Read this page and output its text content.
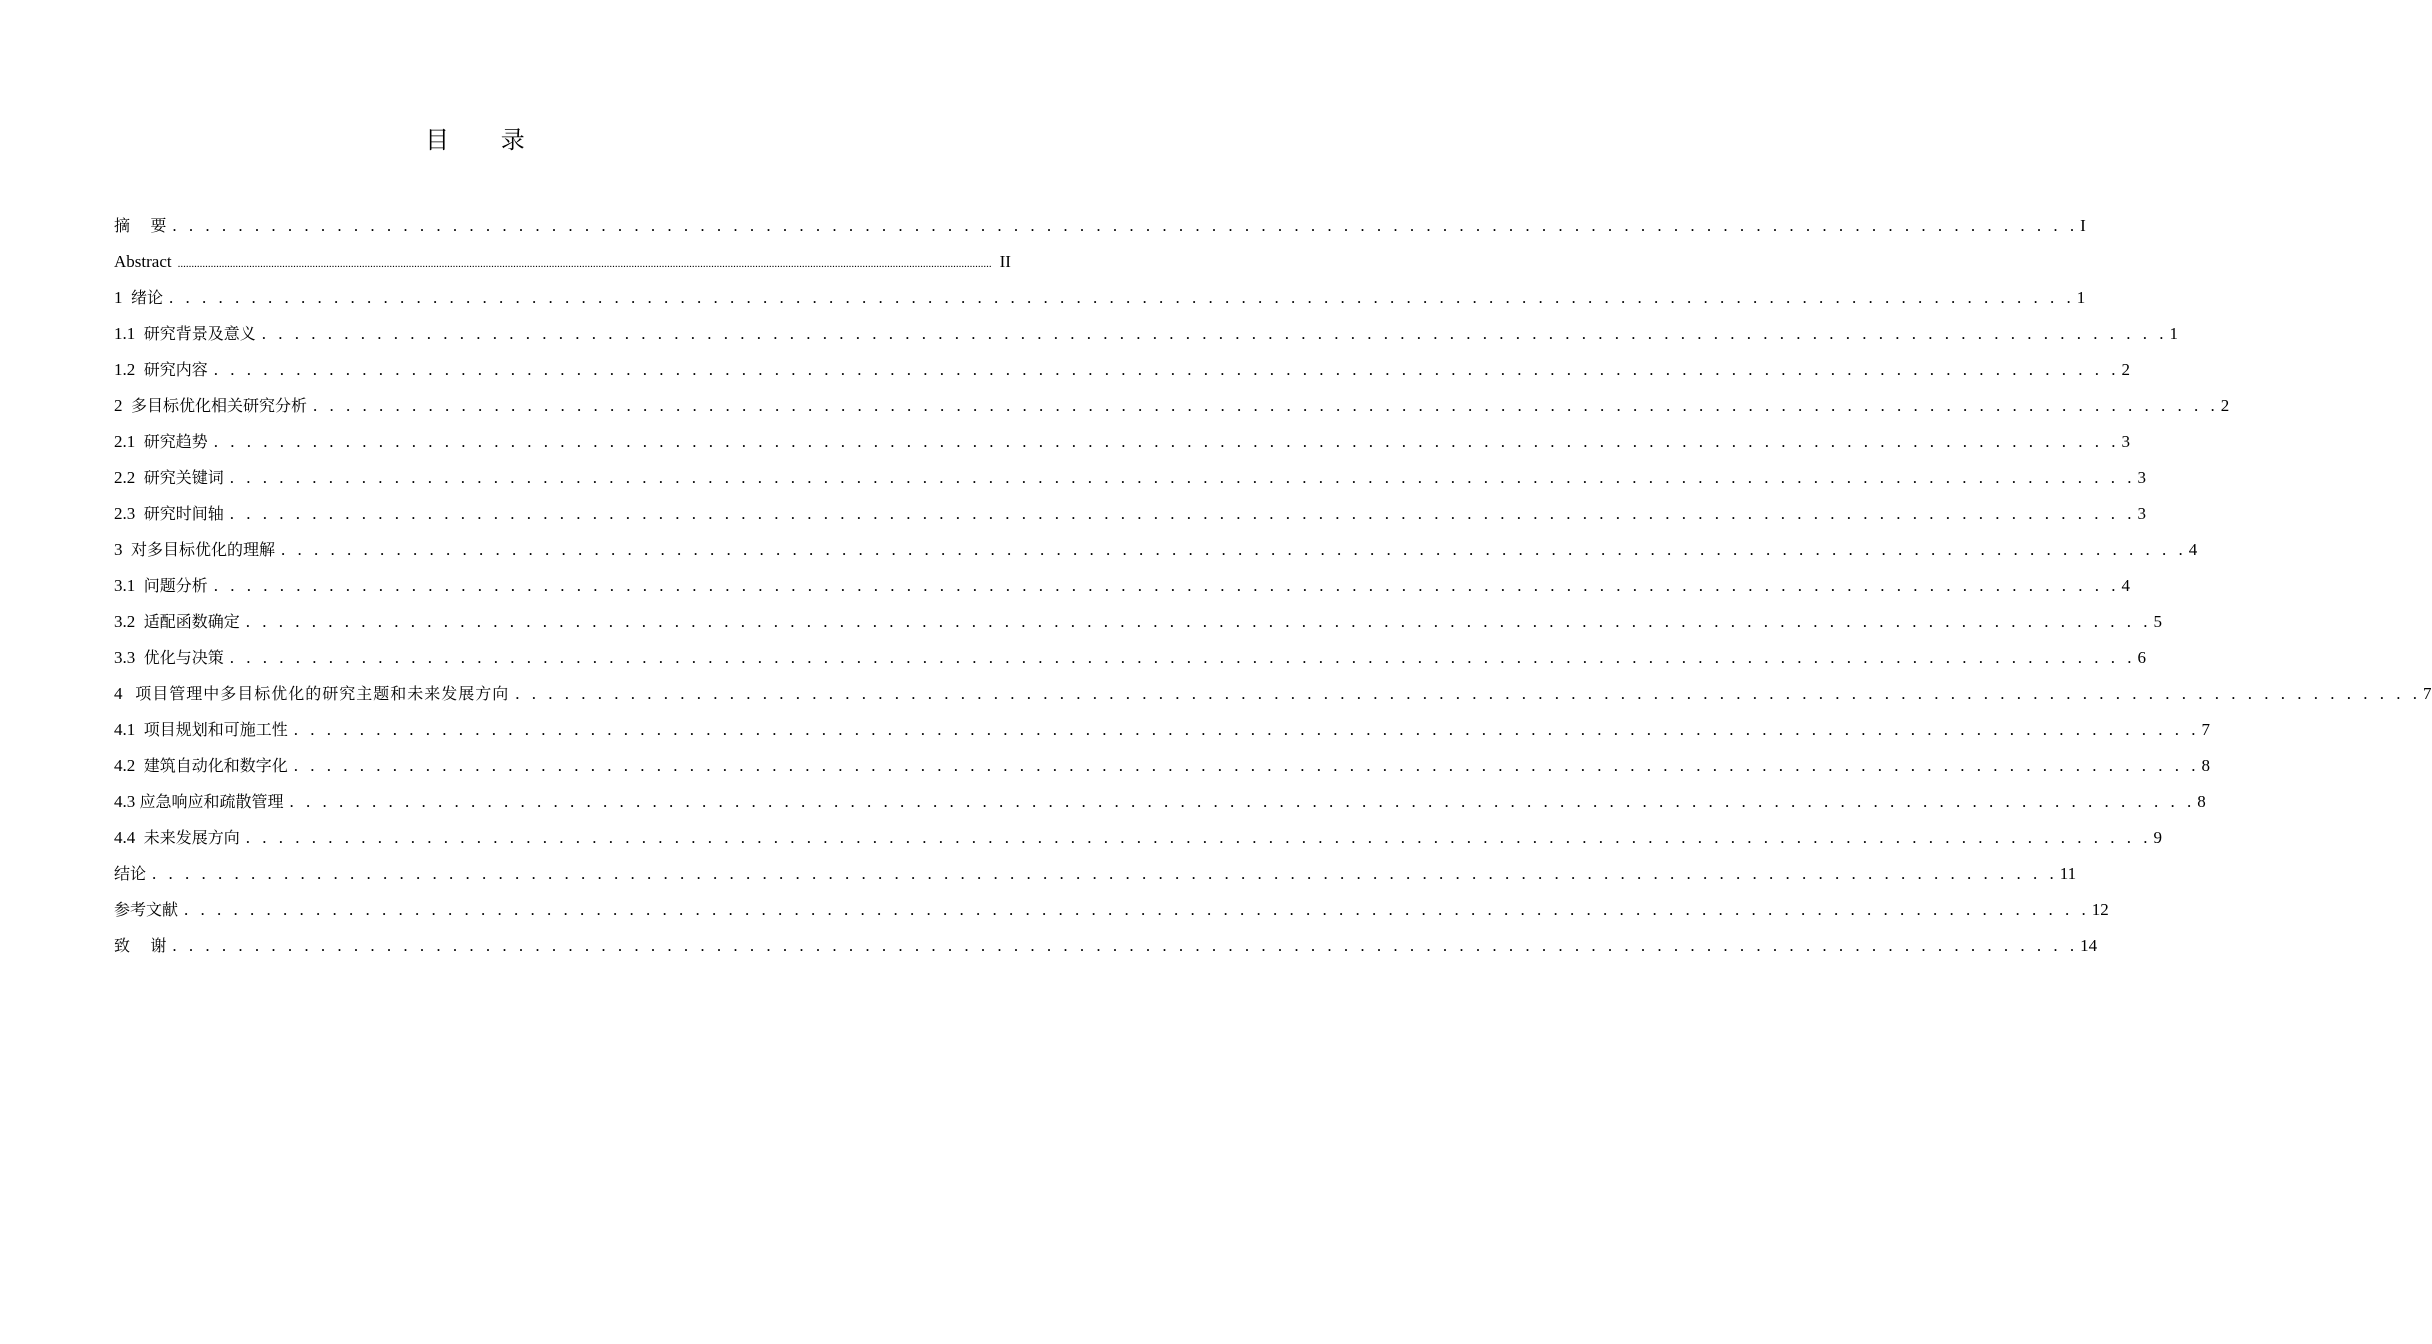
目 录
摘    要 . . . . . . . . . . . . . . . . . . . . . . . . . . . . . . . . . . . . . . . . . . . . . . . . . . . . . . . . . . . . . . . . . . . . . . . . . . . . . . . . . . . . . . . . . . . . . . . . . . . . . . . . . . . . . . . . . . . . I
Abstract ........................................................................................................................................................................................................................................................................................................ II
1 绪论 . . . . . . . . . . . . . . . . . . . . . . . . . . . . . . . . . . . . . . . . . . . . . . . . . . . . . . . . . . . . . . . . . . . . . . . . . . . . . . . . . . . . . . . . . . . . . . . . . . . . . . . . . . . . . . . . . . . . 1
1.1 研究背景及意义 . . . . . . . . . . . . . . . . . . . . . . . . . . . . . . . . . . . . . . . . . . . . . . . . . . . . . . . . . . . . . . . . . . . . . . . . . . . . . . . . . . . . . . . . . . . . . . . . . . . . . . . . . . . . . . . . . . . . 1
1.2 研究内容 . . . . . . . . . . . . . . . . . . . . . . . . . . . . . . . . . . . . . . . . . . . . . . . . . . . . . . . . . . . . . . . . . . . . . . . . . . . . . . . . . . . . . . . . . . . . . . . . . . . . . . . . . . . . . . . . . . . . 2
2 多目标优化相关研究分析 . . . . . . . . . . . . . . . . . . . . . . . . . . . . . . . . . . . . . . . . . . . . . . . . . . . . . . . . . . . . . . . . . . . . . . . . . . . . . . . . . . . . . . . . . . . . . . . . . . . . . . . . . . . . . . . . . . . . 2
2.1 研究趋势 . . . . . . . . . . . . . . . . . . . . . . . . . . . . . . . . . . . . . . . . . . . . . . . . . . . . . . . . . . . . . . . . . . . . . . . . . . . . . . . . . . . . . . . . . . . . . . . . . . . . . . . . . . . . . . . . . . . . 3
2.2 研究关键词 . . . . . . . . . . . . . . . . . . . . . . . . . . . . . . . . . . . . . . . . . . . . . . . . . . . . . . . . . . . . . . . . . . . . . . . . . . . . . . . . . . . . . . . . . . . . . . . . . . . . . . . . . . . . . . . . . . . . 3
2.3 研究时间轴 . . . . . . . . . . . . . . . . . . . . . . . . . . . . . . . . . . . . . . . . . . . . . . . . . . . . . . . . . . . . . . . . . . . . . . . . . . . . . . . . . . . . . . . . . . . . . . . . . . . . . . . . . . . . . . . . . . . . 3
3 对多目标优化的理解 . . . . . . . . . . . . . . . . . . . . . . . . . . . . . . . . . . . . . . . . . . . . . . . . . . . . . . . . . . . . . . . . . . . . . . . . . . . . . . . . . . . . . . . . . . . . . . . . . . . . . . . . . . . . . . . . . . . . 4
3.1 问题分析 . . . . . . . . . . . . . . . . . . . . . . . . . . . . . . . . . . . . . . . . . . . . . . . . . . . . . . . . . . . . . . . . . . . . . . . . . . . . . . . . . . . . . . . . . . . . . . . . . . . . . . . . . . . . . . . . . . . . 4
3.2 适配函数确定 . . . . . . . . . . . . . . . . . . . . . . . . . . . . . . . . . . . . . . . . . . . . . . . . . . . . . . . . . . . . . . . . . . . . . . . . . . . . . . . . . . . . . . . . . . . . . . . . . . . . . . . . . . . . . . . . . . . . 5
3.3 优化与决策 . . . . . . . . . . . . . . . . . . . . . . . . . . . . . . . . . . . . . . . . . . . . . . . . . . . . . . . . . . . . . . . . . . . . . . . . . . . . . . . . . . . . . . . . . . . . . . . . . . . . . . . . . . . . . . . . . . . . 6
4 项目管理中多目标优化的研究主题和未来发展方向 . . . . . . . . . . . . . . . . . . . . . . . . . . . . . . . . . . . . . . . . . . . . . . . . . . . . . . . . . . . . . . . . . . . . . . . . . . . . . . . . . . . . . . . . . . . . . . . . . . . . . . . . . . . . . . . . . . . . 7
4.1 项目规划和可施工性 . . . . . . . . . . . . . . . . . . . . . . . . . . . . . . . . . . . . . . . . . . . . . . . . . . . . . . . . . . . . . . . . . . . . . . . . . . . . . . . . . . . . . . . . . . . . . . . . . . . . . . . . . . . . . . . . . . . . 7
4.2 建筑自动化和数字化 . . . . . . . . . . . . . . . . . . . . . . . . . . . . . . . . . . . . . . . . . . . . . . . . . . . . . . . . . . . . . . . . . . . . . . . . . . . . . . . . . . . . . . . . . . . . . . . . . . . . . . . . . . . . . . . . . . . . 8
4.3 应急响应和疏散管理 . . . . . . . . . . . . . . . . . . . . . . . . . . . . . . . . . . . . . . . . . . . . . . . . . . . . . . . . . . . . . . . . . . . . . . . . . . . . . . . . . . . . . . . . . . . . . . . . . . . . . . . . . . . . . . . . . . . . 8
4.4 未来发展方向 . . . . . . . . . . . . . . . . . . . . . . . . . . . . . . . . . . . . . . . . . . . . . . . . . . . . . . . . . . . . . . . . . . . . . . . . . . . . . . . . . . . . . . . . . . . . . . . . . . . . . . . . . . . . . . . . . . . . 9
结论 . . . . . . . . . . . . . . . . . . . . . . . . . . . . . . . . . . . . . . . . . . . . . . . . . . . . . . . . . . . . . . . . . . . . . . . . . . . . . . . . . . . . . . . . . . . . . . . . . . . . . . . . . . . . . . . . . . . . 11
参考文献 . . . . . . . . . . . . . . . . . . . . . . . . . . . . . . . . . . . . . . . . . . . . . . . . . . . . . . . . . . . . . . . . . . . . . . . . . . . . . . . . . . . . . . . . . . . . . . . . . . . . . . . . . . . . . . . . . . . . 12
致    谢 . . . . . . . . . . . . . . . . . . . . . . . . . . . . . . . . . . . . . . . . . . . . . . . . . . . . . . . . . . . . . . . . . . . . . . . . . . . . . . . . . . . . . . . . . . . . . . . . . . . . . . . . . . . . . . . . . . . . 14
